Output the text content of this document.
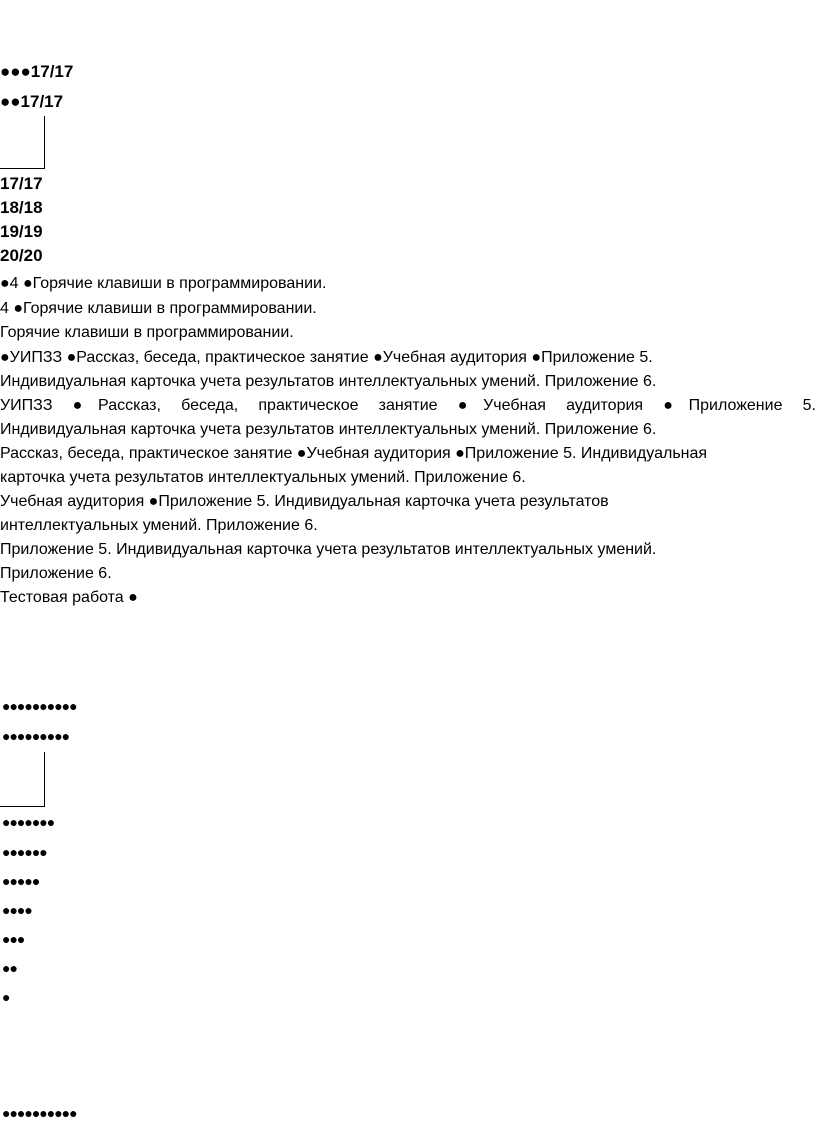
●●●17/17
●●17/17
17/17
18/18
19/19
20/20
●4 ●Горячие клавиши в программировании.
4 ●Горячие клавиши в программировании.
Горячие клавиши в программировании.
●УИПЗЗ ●Рассказ, беседа, практическое занятие ●Учебная аудитория ●Приложение 5.
Индивидуальная карточка учета результатов интеллектуальных умений. Приложение 6.
УИПЗЗ ●Рассказ, беседа, практическое занятие ●Учебная аудитория ●Приложение 5.
Индивидуальная карточка учета результатов интеллектуальных умений. Приложение 6.
Рассказ, беседа, практическое занятие ●Учебная аудитория ●Приложение 5. Индивидуальная
карточка учета результатов интеллектуальных умений. Приложение 6.
Учебная аудитория ●Приложение 5. Индивидуальная карточка учета результатов
интеллектуальных умений. Приложение 6.
Приложение 5. Индивидуальная карточка учета результатов интеллектуальных умений.
Приложение 6.
Тестовая работа ●
●●●●●●●●●●
●●●●●●●●●
●●●●●●●
●●●●●●
●●●●●
●●●●
●●●
●●
●
●●●●●●●●●●
